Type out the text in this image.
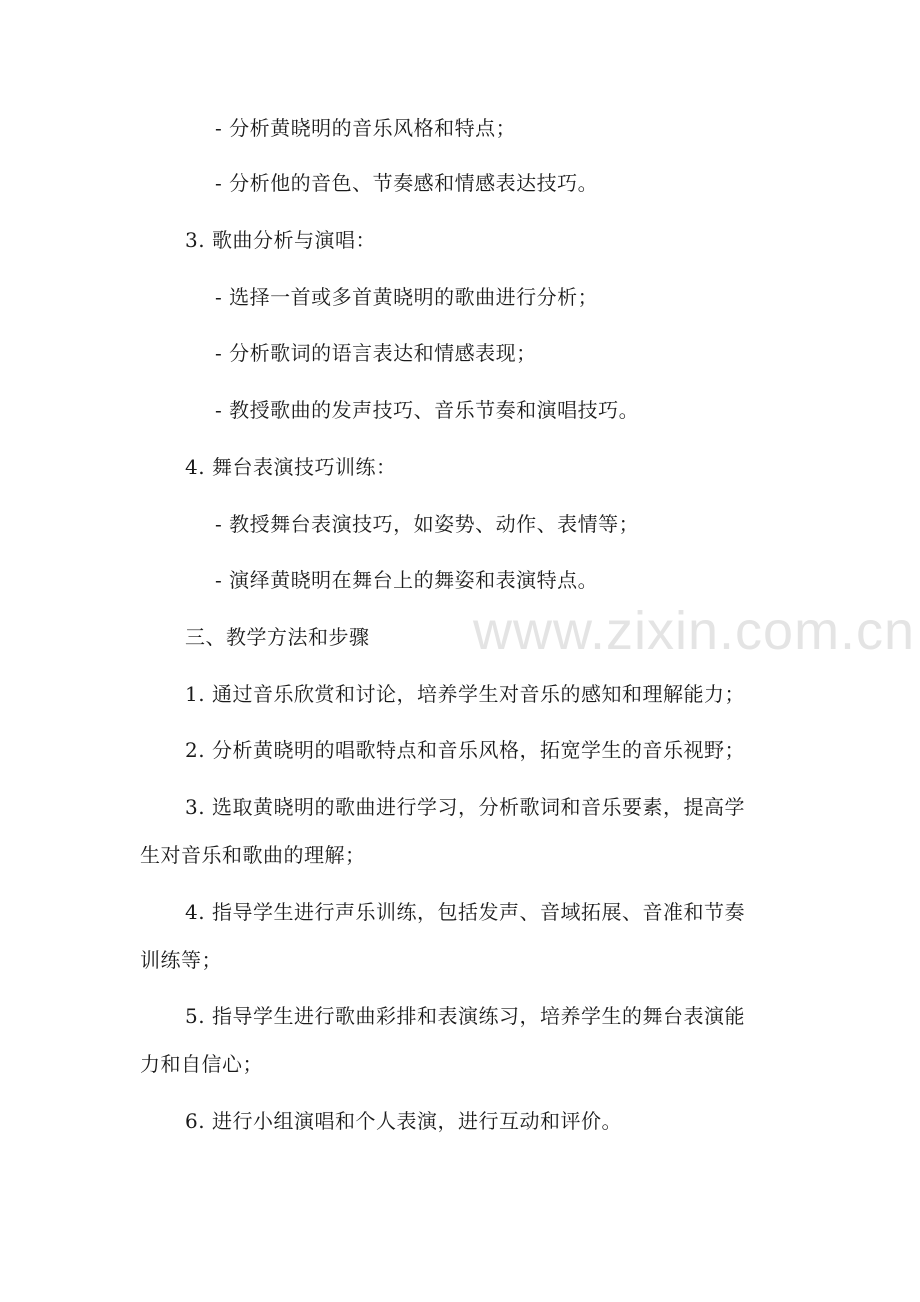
- 分析黄晓明的音乐风格和特点；
- 分析他的音色、节奏感和情感表达技巧。
3. 歌曲分析与演唱：
- 选择一首或多首黄晓明的歌曲进行分析；
- 分析歌词的语言表达和情感表现；
- 教授歌曲的发声技巧、音乐节奏和演唱技巧。
4. 舞台表演技巧训练：
- 教授舞台表演技巧，如姿势、动作、表情等；
- 演绎黄晓明在舞台上的舞姿和表演特点。
三、教学方法和步骤
1. 通过音乐欣赏和讨论，培养学生对音乐的感知和理解能力；
2. 分析黄晓明的唱歌特点和音乐风格，拓宽学生的音乐视野；
3. 选取黄晓明的歌曲进行学习，分析歌词和音乐要素，提高学
生对音乐和歌曲的理解；
4. 指导学生进行声乐训练，包括发声、音域拓展、音准和节奏
训练等；
5. 指导学生进行歌曲彩排和表演练习，培养学生的舞台表演能
力和自信心；
6. 进行小组演唱和个人表演，进行互动和评价。
www.zixin.com.cn
